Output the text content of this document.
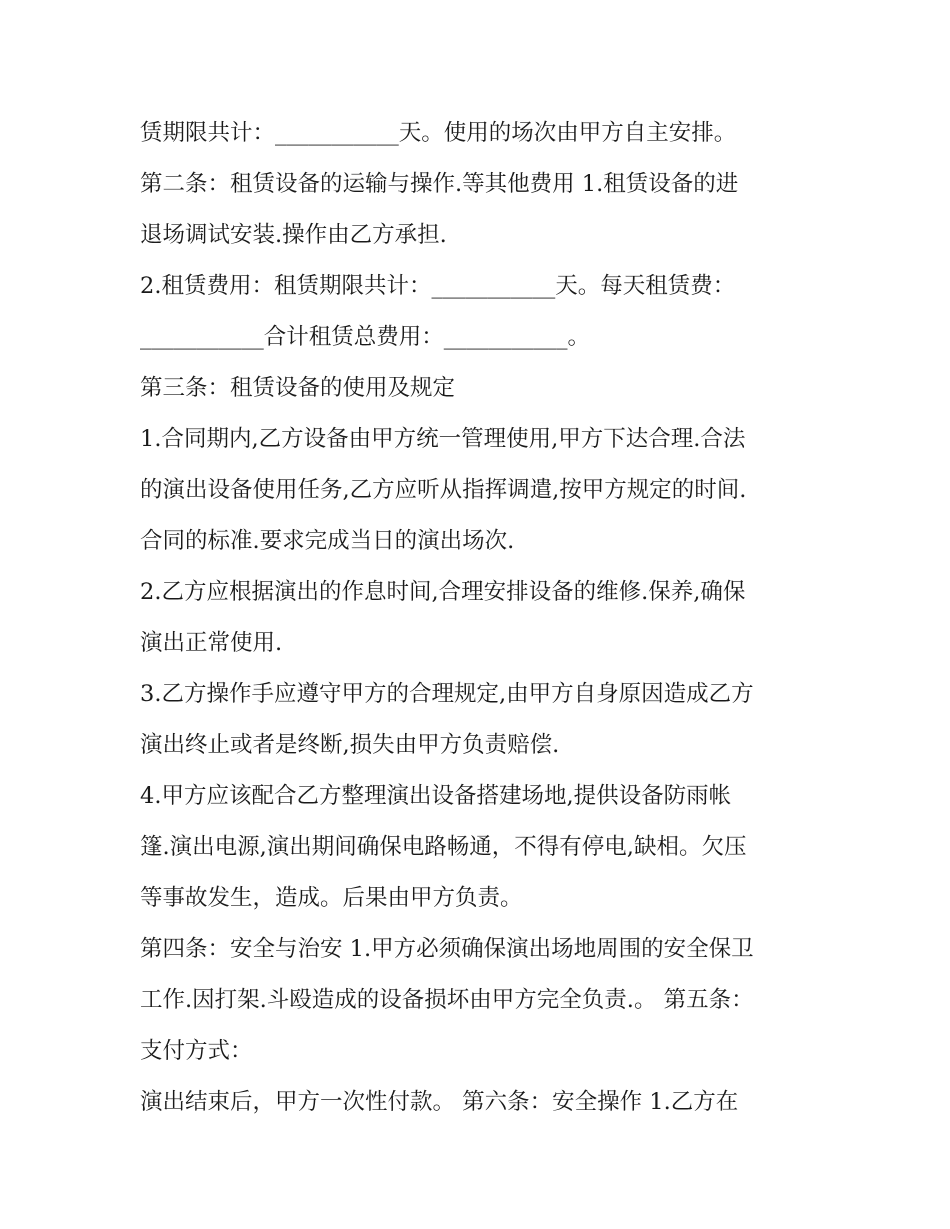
赁期限共计：___________天。使用的场次由甲方自主安排。
第二条：租赁设备的运输与操作.等其他费用 1.租赁设备的进
退场调试安装.操作由乙方承担.
2.租赁费用：租赁期限共计：___________天。每天租赁费：
___________合计租赁总费用：___________。
第三条：租赁设备的使用及规定
1.合同期内,乙方设备由甲方统一管理使用,甲方下达合理.合法
的演出设备使用任务,乙方应听从指挥调遣,按甲方规定的时间.
合同的标准.要求完成当日的演出场次.
2.乙方应根据演出的作息时间,合理安排设备的维修.保养,确保
演出正常使用.
3.乙方操作手应遵守甲方的合理规定,由甲方自身原因造成乙方
演出终止或者是终断,损失由甲方负责赔偿.
4.甲方应该配合乙方整理演出设备搭建场地,提供设备防雨帐
篷.演出电源,演出期间确保电路畅通，不得有停电,缺相。欠压
等事故发生，造成。后果由甲方负责。
第四条：安全与治安 1.甲方必须确保演出场地周围的安全保卫
工作.因打架.斗殴造成的设备损坏由甲方完全负责.。 第五条：
支付方式：
演出结束后，甲方一次性付款。 第六条：安全操作 1.乙方在
